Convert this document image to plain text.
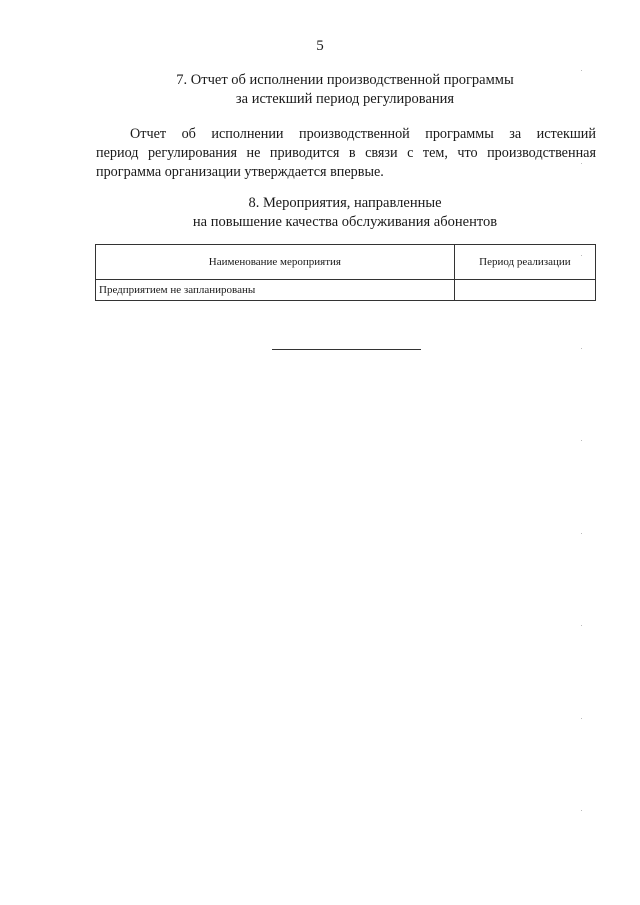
5
7. Отчет об исполнении производственной программы
за истекший период регулирования
Отчет об исполнении производственной программы за истекший
период регулирования не приводится в связи с тем, что производственная
программа организации утверждается впервые.
8. Мероприятия, направленные
на повышение качества обслуживания абонентов
Наименование мероприятия	Период реализации
Предприятием не запланированы	
